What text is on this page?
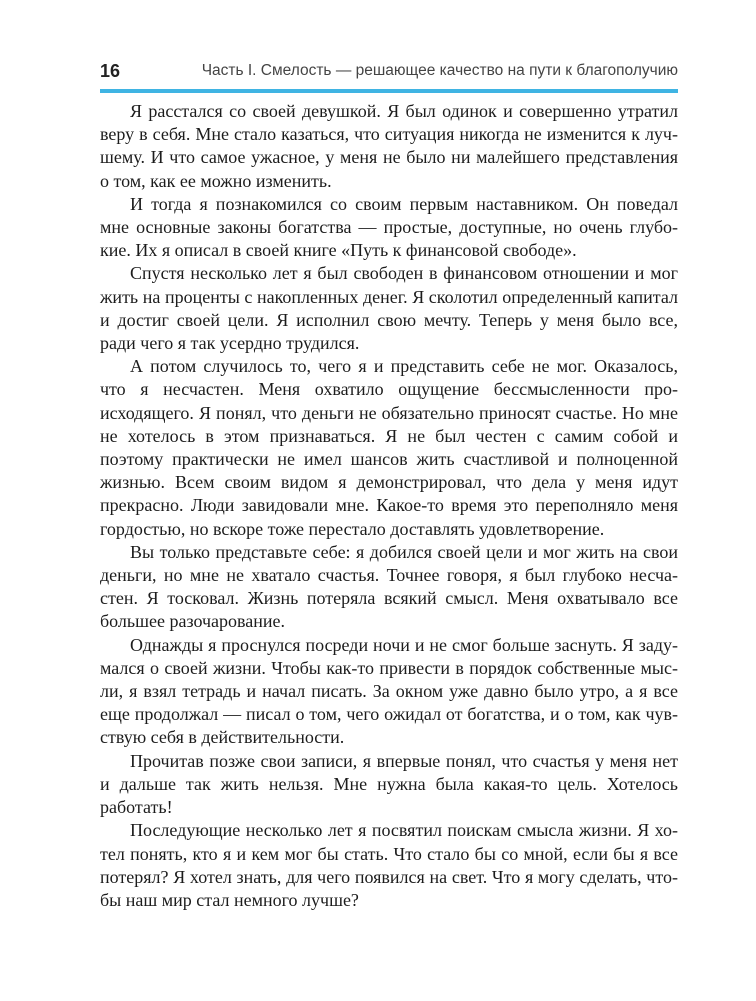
16	Часть I. Смелость — решающее качество на пути к благополучию

Я расстался со своей девушкой. Я был одинок и совершенно утратил веру в себя. Мне стало казаться, что ситуация никогда не изменится к лучшему. И что самое ужасное, у меня не было ни малейшего представления о том, как ее можно изменить.

И тогда я познакомился со своим первым наставником. Он поведал мне основные законы богатства — простые, доступные, но очень глубокие. Их я описал в своей книге «Путь к финансовой свободе».

Спустя несколько лет я был свободен в финансовом отношении и мог жить на проценты с накопленных денег. Я сколотил определенный капитал и достиг своей цели. Я исполнил свою мечту. Теперь у меня было все, ради чего я так усердно трудился.

А потом случилось то, чего я и представить себе не мог. Оказалось, что я несчастен. Меня охватило ощущение бессмысленности происходящего. Я понял, что деньги не обязательно приносят счастье. Но мне не хотелось в этом признаваться. Я не был честен с самим собой и поэтому практически не имел шансов жить счастливой и полноценной жизнью. Всем своим видом я демонстрировал, что дела у меня идут прекрасно. Люди завидовали мне. Какое-то время это переполняло меня гордостью, но вскоре тоже перестало доставлять удовлетворение.

Вы только представьте себе: я добился своей цели и мог жить на свои деньги, но мне не хватало счастья. Точнее говоря, я был глубоко несчастен. Я тосковал. Жизнь потеряла всякий смысл. Меня охватывало все большее разочарование.

Однажды я проснулся посреди ночи и не смог больше заснуть. Я задумался о своей жизни. Чтобы как-то привести в порядок собственные мысли, я взял тетрадь и начал писать. За окном уже давно было утро, а я все еще продолжал — писал о том, чего ожидал от богатства, и о том, как чувствую себя в действительности.

Прочитав позже свои записи, я впервые понял, что счастья у меня нет и дальше так жить нельзя. Мне нужна была какая-то цель. Хотелось работать!

Последующие несколько лет я посвятил поискам смысла жизни. Я хотел понять, кто я и кем мог бы стать. Что стало бы со мной, если бы я все потерял? Я хотел знать, для чего появился на свет. Что я могу сделать, чтобы наш мир стал немного лучше?
